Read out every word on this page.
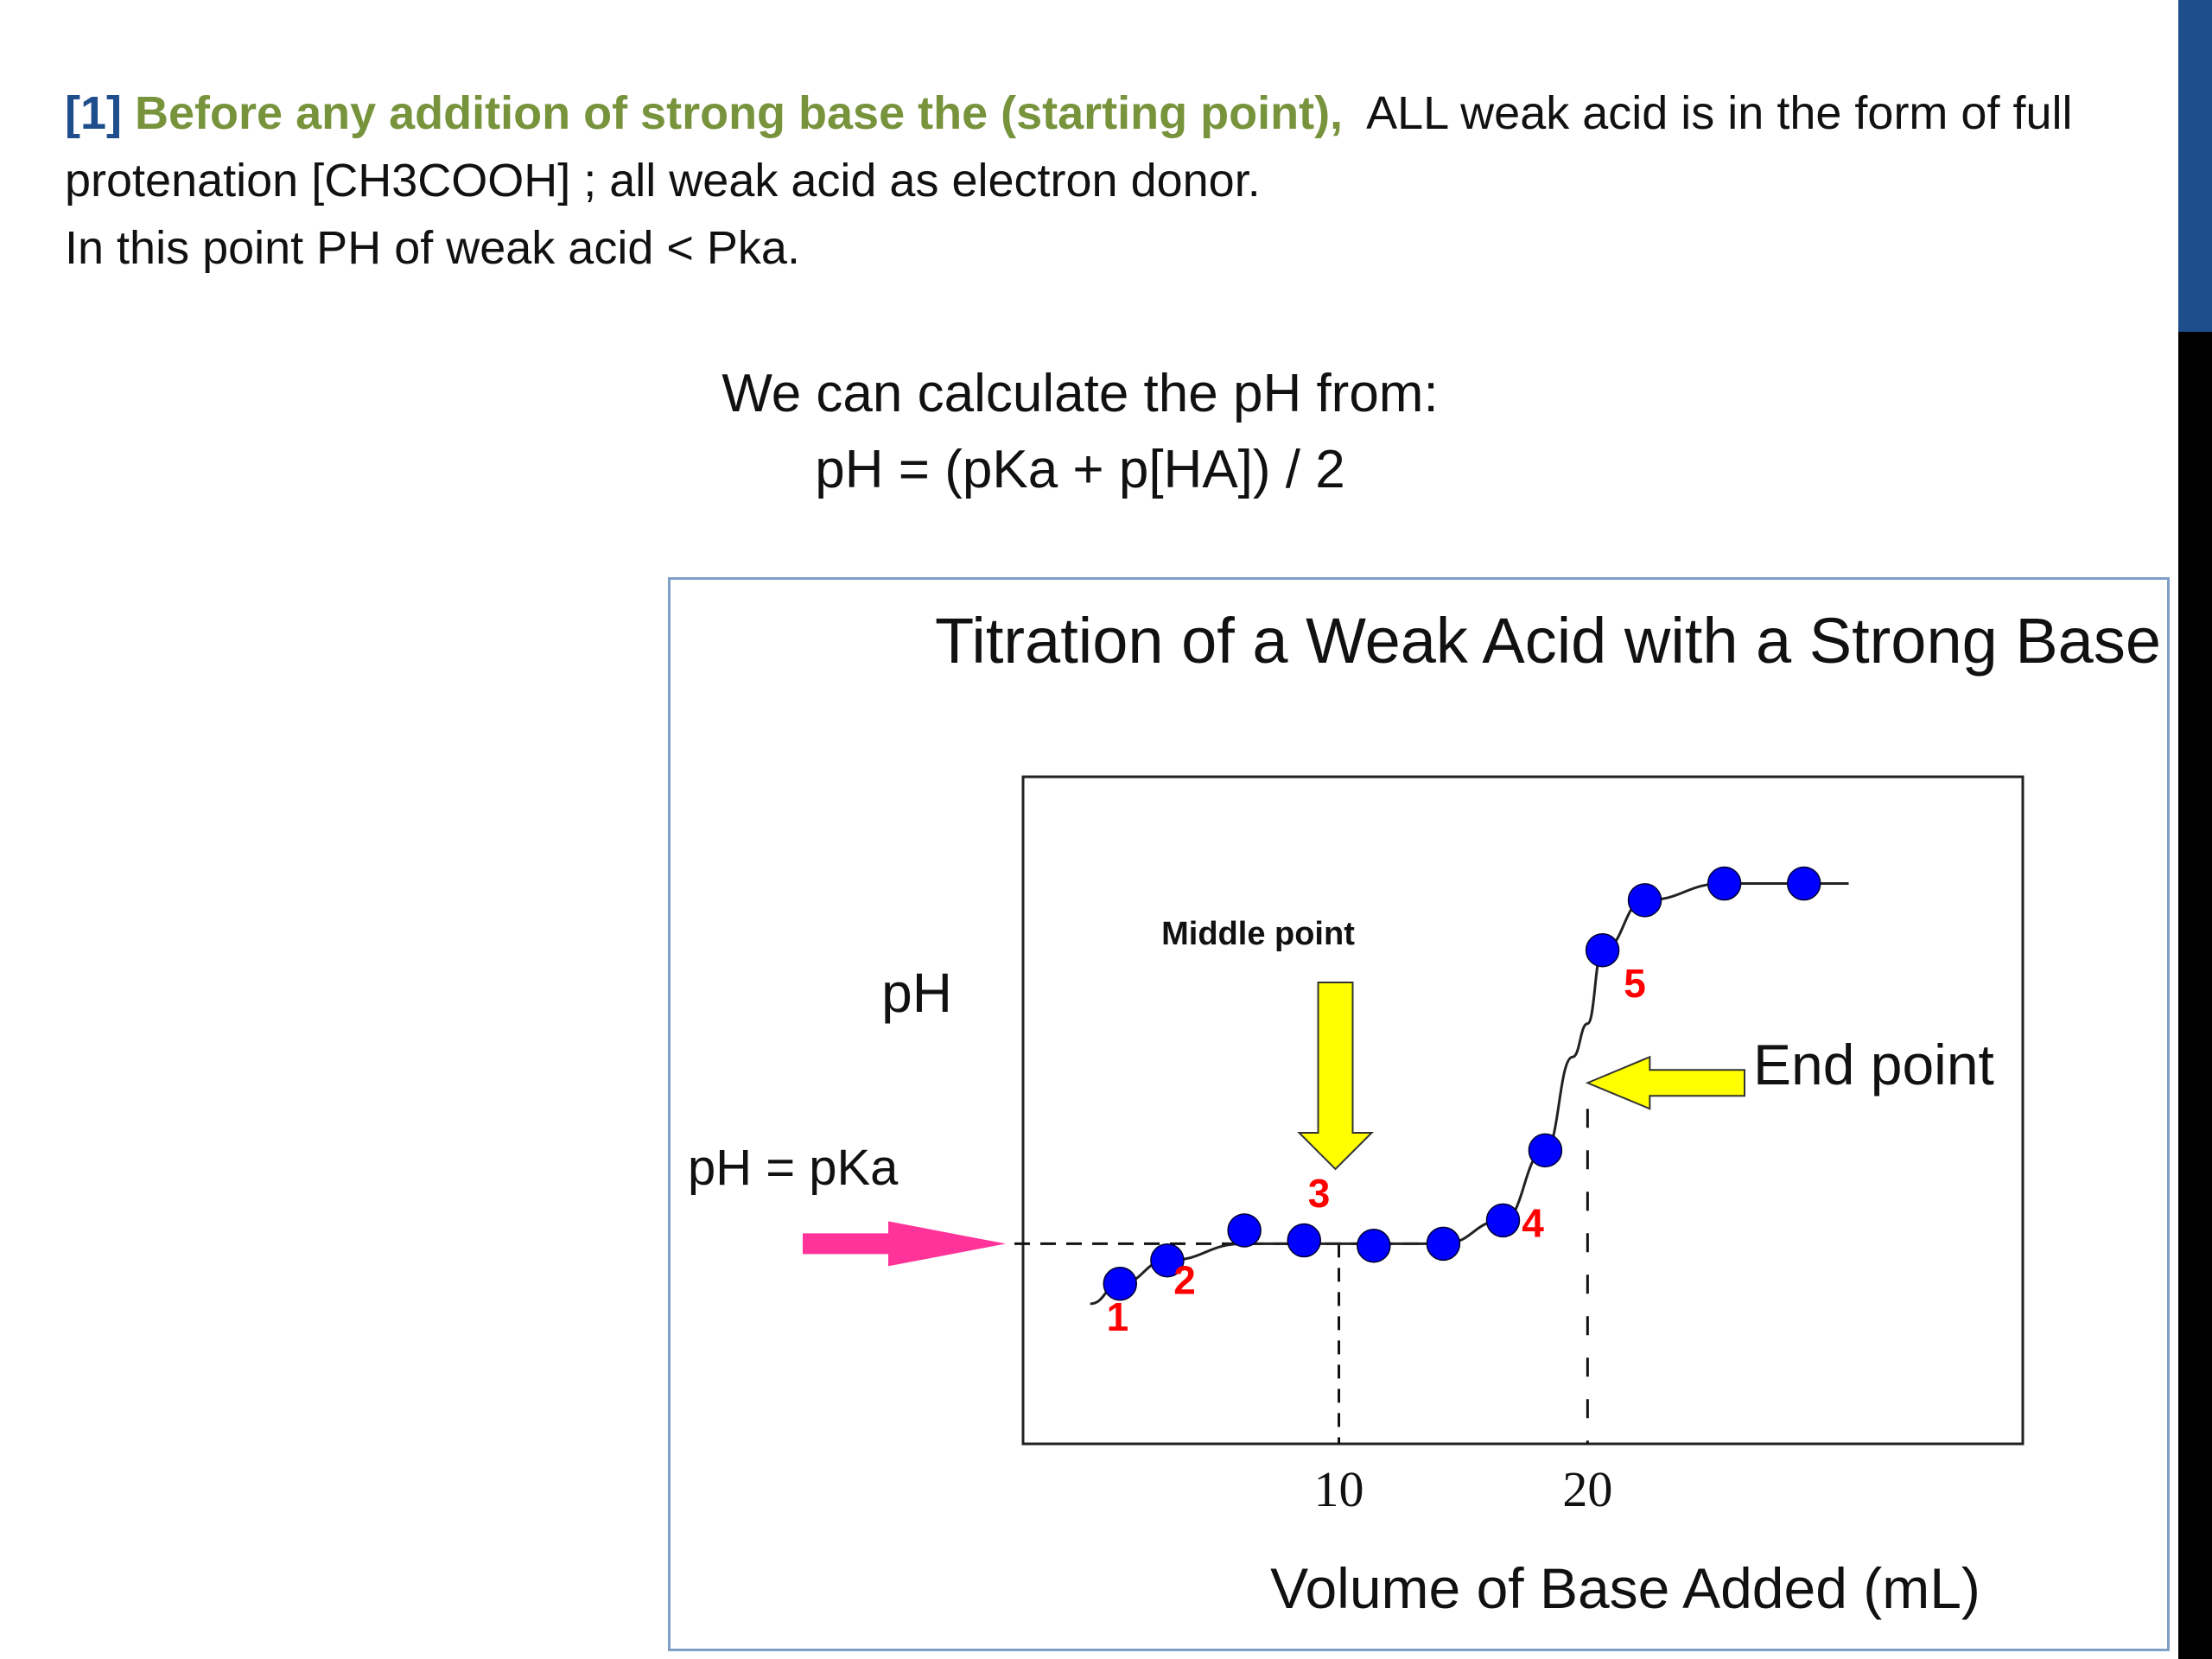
[1] Before any addition of strong base the (starting point), ALL weak acid is in the form of full protenation [CH3COOH] ; all weak acid as electron donor.
In this point PH of weak acid < Pka.
We can calculate the pH from:
pH = (pKa + p[HA]) / 2
Titration of a Weak Acid with a Strong Base
pH
Volume of Base Added (mL)
pH = pKa
Middle point
End point
1
2
3
4
5
10	20
